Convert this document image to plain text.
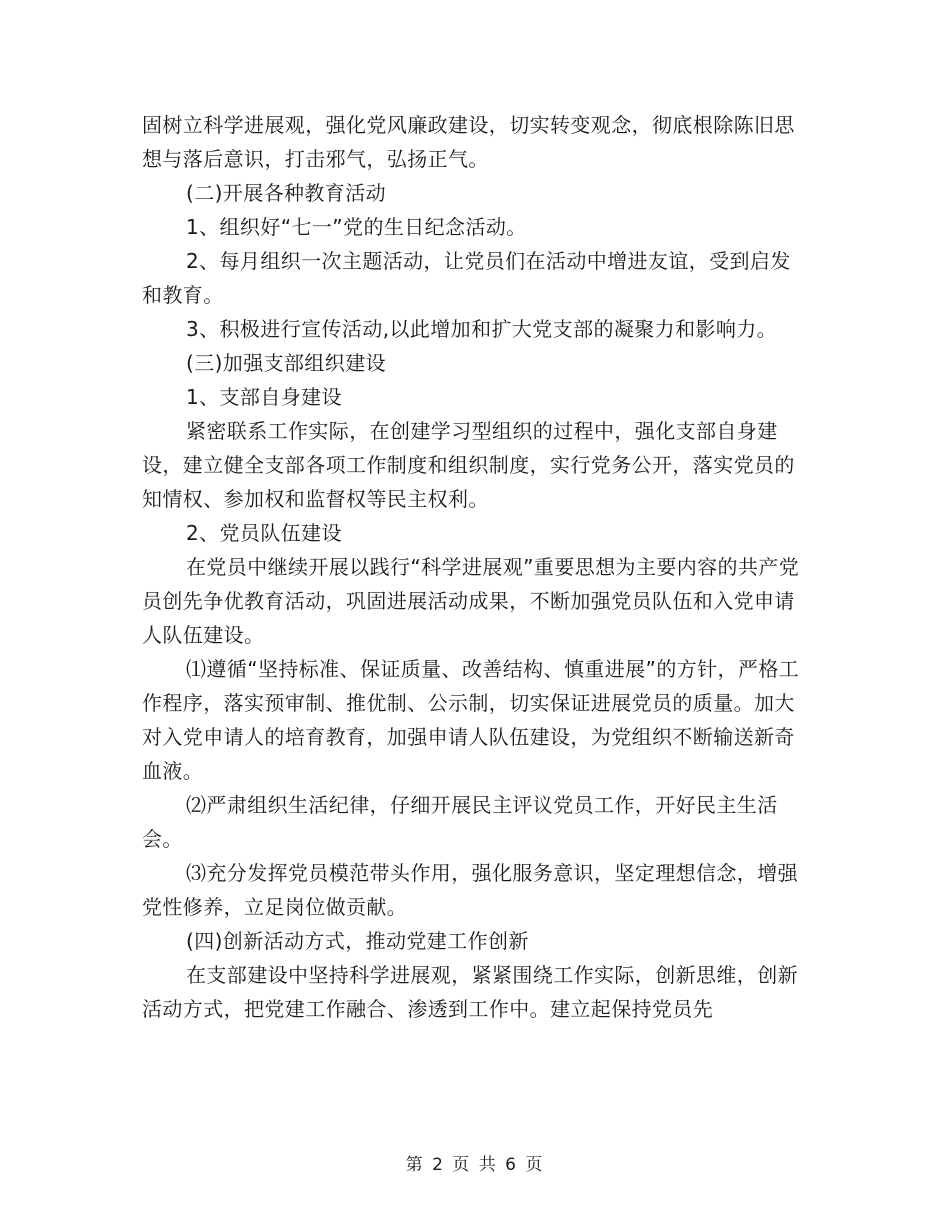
固树立科学进展观，强化党风廉政建设，切实转变观念，彻底根除陈旧思想与落后意识，打击邪气，弘扬正气。

(二)开展各种教育活动

1、组织好“七一”党的生日纪念活动。

2、每月组织一次主题活动，让党员们在活动中增进友谊，受到启发和教育。

3、积极进行宣传活动,以此增加和扩大党支部的凝聚力和影响力。

(三)加强支部组织建设

1、支部自身建设

紧密联系工作实际，在创建学习型组织的过程中，强化支部自身建设，建立健全支部各项工作制度和组织制度，实行党务公开，落实党员的知情权、参加权和监督权等民主权利。

2、党员队伍建设

在党员中继续开展以践行“科学进展观”重要思想为主要内容的共产党员创先争优教育活动，巩固进展活动成果，不断加强党员队伍和入党申请人队伍建设。

⑴遵循“坚持标准、保证质量、改善结构、慎重进展”的方针，严格工作程序，落实预审制、推优制、公示制，切实保证进展党员的质量。加大对入党申请人的培育教育，加强申请人队伍建设，为党组织不断输送新奇血液。

⑵严肃组织生活纪律，仔细开展民主评议党员工作，开好民主生活会。

⑶充分发挥党员模范带头作用，强化服务意识，坚定理想信念，增强党性修养，立足岗位做贡献。

(四)创新活动方式，推动党建工作创新

在支部建设中坚持科学进展观，紧紧围绕工作实际，创新思维，创新活动方式，把党建工作融合、渗透到工作中。建立起保持党员先

第 2 页 共 6 页
